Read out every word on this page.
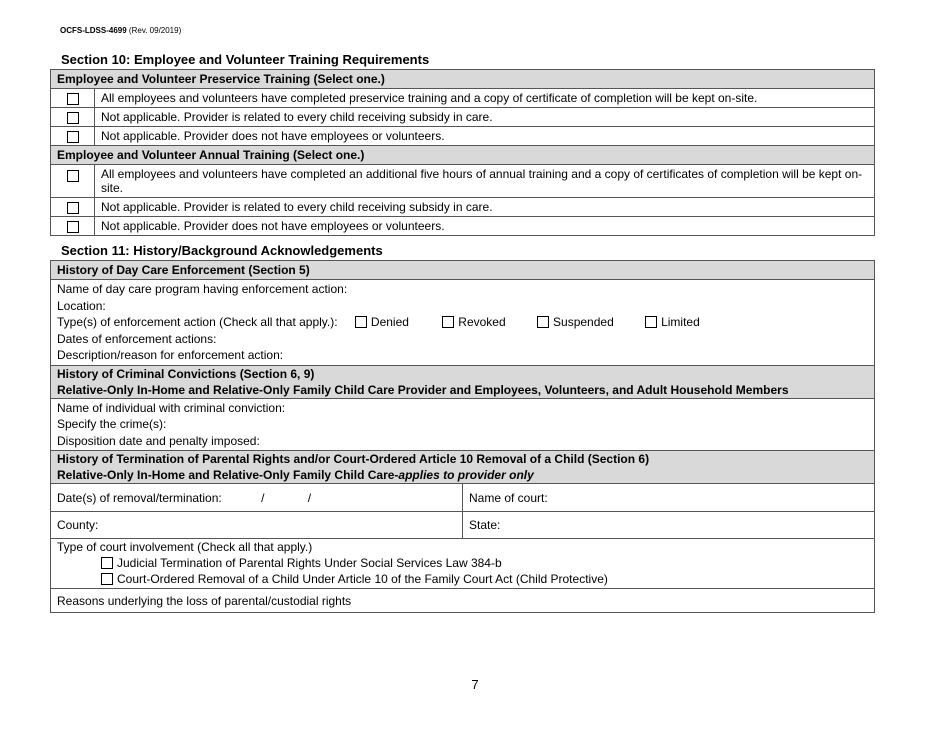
OCFS-LDSS-4699 (Rev. 09/2019)
Section 10: Employee and Volunteer Training Requirements
Employee and Volunteer Preservice Training (Select one.)	
	All employees and volunteers have completed preservice training and a copy of certificate of completion will be kept on-site.
	Not applicable. Provider is related to every child receiving subsidy in care.
	Not applicable. Provider does not have employees or volunteers.
Employee and Volunteer Annual Training (Select one.)	
	All employees and volunteers have completed an additional five hours of annual training and a copy of certificates of completion will be kept on-site.
	Not applicable. Provider is related to every child receiving subsidy in care.
	Not applicable. Provider does not have employees or volunteers.
Section 11: History/Background Acknowledgements
History of Day Care Enforcement (Section 5)	

Name of day care program having enforcement action:
Location:
Type(s) of enforcement action (Check all that apply.): Denied Revoked Suspended Limited
Dates of enforcement actions:
Description/reason for enforcement action:	

History of Criminal Convictions (Section 6, 9)
Relative-Only In-Home and Relative-Only Family Child Care Provider and Employees, Volunteers, and Adult Household Members	

Name of individual with criminal conviction:
Specify the crime(s):
Disposition date and penalty imposed:	

History of Termination of Parental Rights and/or Court-Ordered Article 10 Removal of a Child (Section 6)
Relative-Only In-Home and Relative-Only Family Child Care-applies to provider only	

Date(s) of removal/termination: / /	Name of court:
County:	State:

Type of court involvement (Check all that apply.)
Judicial Termination of Parental Rights Under Social Services Law 384-b
Court-Ordered Removal of a Child Under Article 10 of the Family Court Act (Child Protective)	

Reasons underlying the loss of parental/custodial rights	
7
